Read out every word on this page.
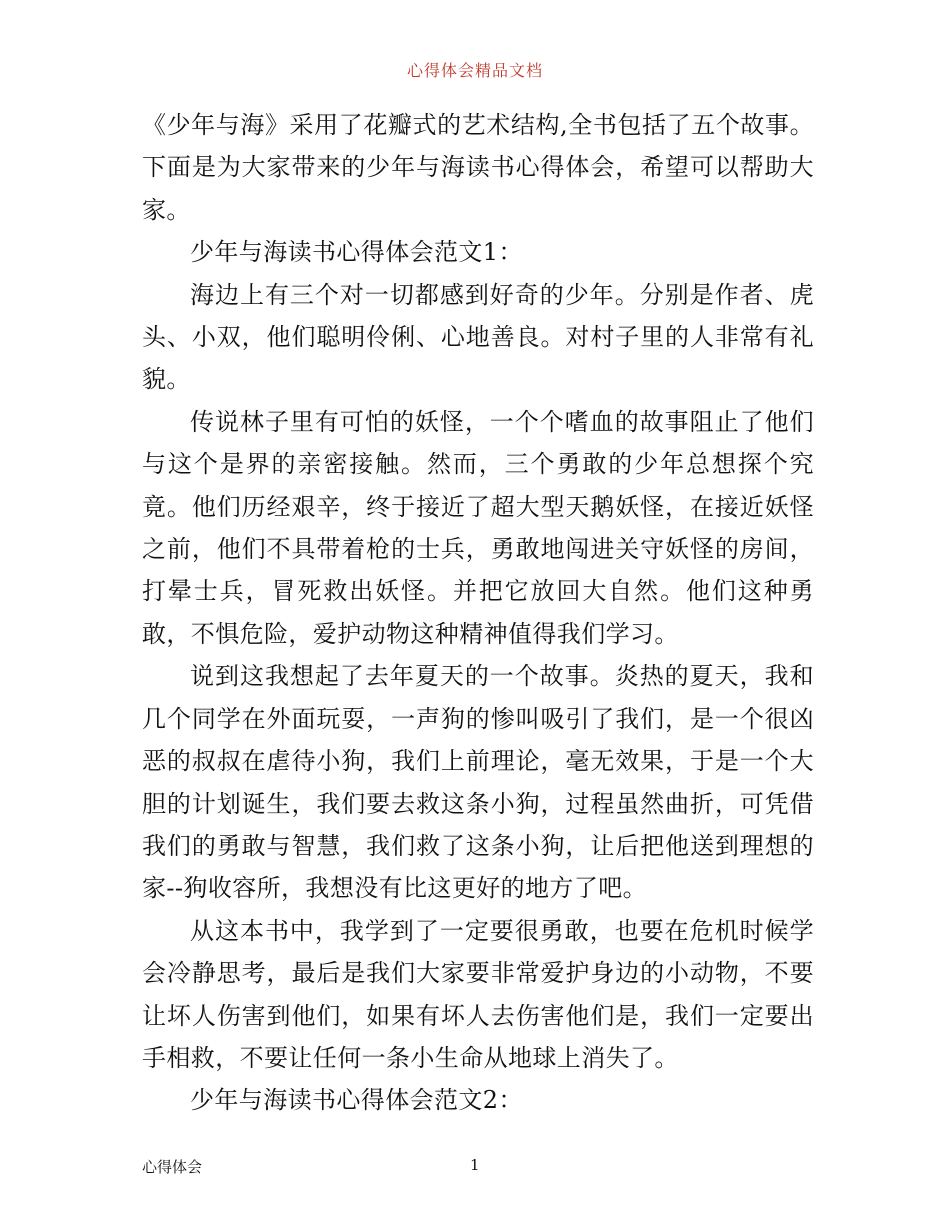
心得体会精品文档

《少年与海》采用了花瓣式的艺术结构,全书包括了五个故事。下面是为大家带来的少年与海读书心得体会，希望可以帮助大家。

少年与海读书心得体会范文1：

海边上有三个对一切都感到好奇的少年。分别是作者、虎头、小双，他们聪明伶俐、心地善良。对村子里的人非常有礼貌。

传说林子里有可怕的妖怪，一个个嗜血的故事阻止了他们与这个是界的亲密接触。然而，三个勇敢的少年总想探个究竟。他们历经艰辛，终于接近了超大型天鹅妖怪，在接近妖怪之前，他们不具带着枪的士兵，勇敢地闯进关守妖怪的房间，打晕士兵，冒死救出妖怪。并把它放回大自然。他们这种勇敢，不惧危险，爱护动物这种精神值得我们学习。

说到这我想起了去年夏天的一个故事。炎热的夏天，我和几个同学在外面玩耍，一声狗的惨叫吸引了我们，是一个很凶恶的叔叔在虐待小狗，我们上前理论，毫无效果，于是一个大胆的计划诞生，我们要去救这条小狗，过程虽然曲折，可凭借我们的勇敢与智慧，我们救了这条小狗，让后把他送到理想的家--狗收容所，我想没有比这更好的地方了吧。

从这本书中，我学到了一定要很勇敢，也要在危机时候学会冷静思考，最后是我们大家要非常爱护身边的小动物，不要让坏人伤害到他们，如果有坏人去伤害他们是，我们一定要出手相救，不要让任何一条小生命从地球上消失了。

少年与海读书心得体会范文2：

心得体会	1
